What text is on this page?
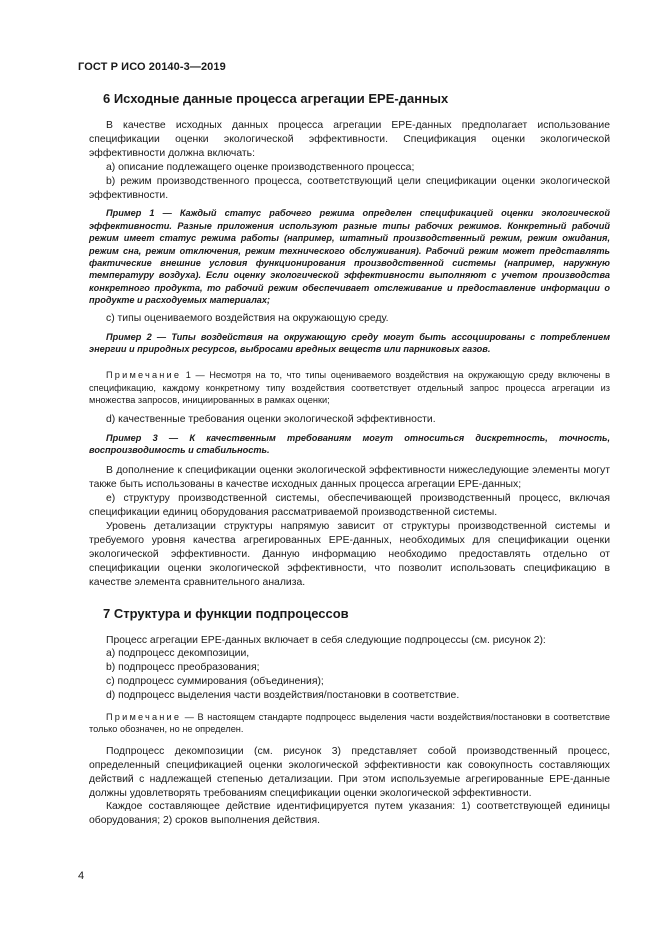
ГОСТ Р ИСО 20140-3—2019
6 Исходные данные процесса агрегации EPE-данных

В качестве исходных данных процесса агрегации EPE-данных предполагает использование спецификации оценки экологической эффективности. Спецификация оценки экологической эффективности должна включать:

a) описание подлежащего оценке производственного процесса;

b) режим производственного процесса, соответствующий цели спецификации оценки экологической эффективности.

Пример 1 — Каждый статус рабочего режима определен спецификацией оценки экологической эффективности. Разные приложения используют разные типы рабочих режимов. Конкретный рабочий режим имеет статус режима работы (например, штатный производственный режим, режим ожидания, режим сна, режим отключения, режим технического обслуживания). Рабочий режим может представлять фактические внешние условия функционирования производственной системы (например, наружную температуру воздуха). Если оценку экологической эффективности выполняют с учетом производства конкретного продукта, то рабочий режим обеспечивает отслеживание и предоставление информации о продукте и расходуемых материалах;

c) типы оцениваемого воздействия на окружающую среду.

Пример 2 — Типы воздействия на окружающую среду могут быть ассоциированы с потреблением энергии и природных ресурсов, выбросами вредных веществ или парниковых газов.

Примечание 1 — Несмотря на то, что типы оцениваемого воздействия на окружающую среду включены в спецификацию, каждому конкретному типу воздействия соответствует отдельный запрос процесса агрегации из множества запросов, инициированных в рамках оценки;

d) качественные требования оценки экологической эффективности.

Пример 3 — К качественным требованиям могут относиться дискретность, точность, воспроизводимость и стабильность.

В дополнение к спецификации оценки экологической эффективности нижеследующие элементы могут также быть использованы в качестве исходных данных процесса агрегации EPE-данных;

e) структуру производственной системы, обеспечивающей производственный процесс, включая спецификации единиц оборудования рассматриваемой производственной системы.

Уровень детализации структуры напрямую зависит от структуры производственной системы и требуемого уровня качества агрегированных EPE-данных, необходимых для спецификации оценки экологической эффективности. Данную информацию необходимо предоставлять отдельно от спецификации оценки экологической эффективности, что позволит использовать спецификацию в качестве элемента сравнительного анализа.

7 Структура и функции подпроцессов

Процесс агрегации EPE-данных включает в себя следующие подпроцессы (см. рисунок 2):

a) подпроцесс декомпозиции,

b) подпроцесс преобразования;

c) подпроцесс суммирования (объединения);

d) подпроцесс выделения части воздействия/постановки в соответствие.

Примечание — В настоящем стандарте подпроцесс выделения части воздействия/постановки в соответствие только обозначен, но не определен.

Подпроцесс декомпозиции (см. рисунок 3) представляет собой производственный процесс, определенный спецификацией оценки экологической эффективности как совокупность составляющих действий с надлежащей степенью детализации. При этом используемые агрегированные EPE-данные должны удовлетворять требованиям спецификации оценки экологической эффективности.

Каждое составляющее действие идентифицируется путем указания: 1) соответствующей единицы оборудования; 2) сроков выполнения действия.

4
